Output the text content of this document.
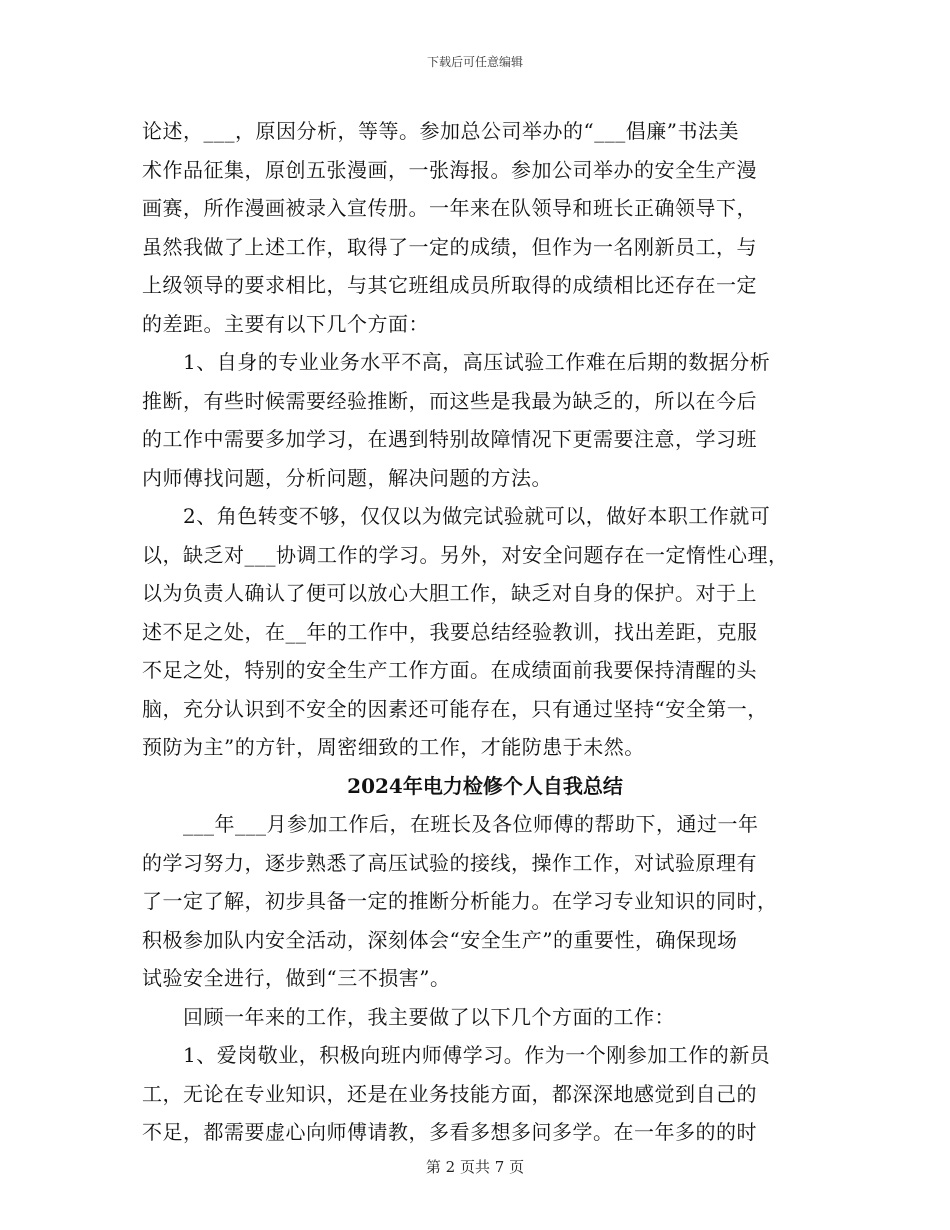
下载后可任意编辑
论述，___，原因分析，等等。参加总公司举办的“___倡廉”书法美
术作品征集，原创五张漫画，一张海报。参加公司举办的安全生产漫
画赛，所作漫画被录入宣传册。一年来在队领导和班长正确领导下，
虽然我做了上述工作，取得了一定的成绩，但作为一名刚新员工，与
上级领导的要求相比，与其它班组成员所取得的成绩相比还存在一定
的差距。主要有以下几个方面：
1、自身的专业业务水平不高，高压试验工作难在后期的数据分析
推断，有些时候需要经验推断，而这些是我最为缺乏的，所以在今后
的工作中需要多加学习，在遇到特别故障情况下更需要注意，学习班
内师傅找问题，分析问题，解决问题的方法。
2、角色转变不够，仅仅以为做完试验就可以，做好本职工作就可
以，缺乏对___协调工作的学习。另外，对安全问题存在一定惰性心理，
以为负责人确认了便可以放心大胆工作，缺乏对自身的保护。对于上
述不足之处，在__年的工作中，我要总结经验教训，找出差距，克服
不足之处，特别的安全生产工作方面。在成绩面前我要保持清醒的头
脑，充分认识到不安全的因素还可能存在，只有通过坚持“安全第一，
预防为主”的方针，周密细致的工作，才能防患于未然。
2024年电力检修个人自我总结
___年___月参加工作后，在班长及各位师傅的帮助下，通过一年
的学习努力，逐步熟悉了高压试验的接线，操作工作，对试验原理有
了一定了解，初步具备一定的推断分析能力。在学习专业知识的同时，
积极参加队内安全活动，深刻体会“安全生产”的重要性，确保现场
试验安全进行，做到“三不损害”。
回顾一年来的工作，我主要做了以下几个方面的工作：
1、爱岗敬业，积极向班内师傅学习。作为一个刚参加工作的新员
工，无论在专业知识，还是在业务技能方面，都深深地感觉到自己的
不足，都需要虚心向师傅请教，多看多想多问多学。在一年多的的时
第 2 页共 7 页
